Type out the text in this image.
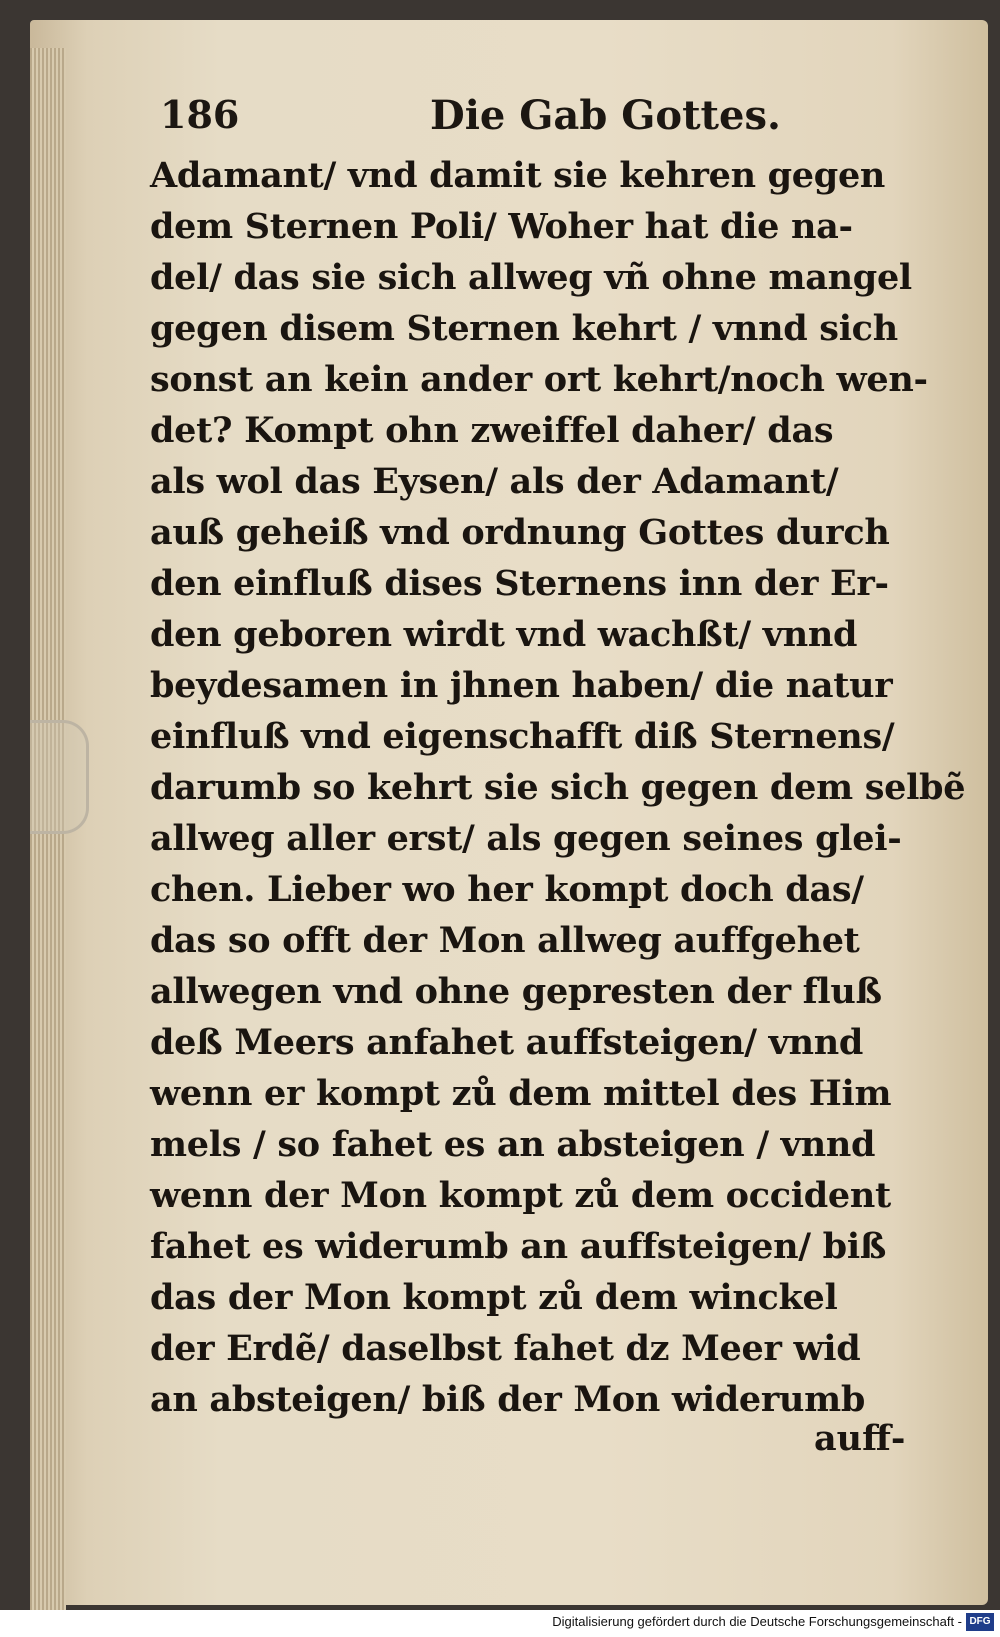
186	Die Gab Gottes.
Adamant/ vnd damit sie kehren gegen
dem Sternen Poli/ Woher hat die na-
del/ das sie sich allweg vñ ohne mangel
gegen disem Sternen kehrt / vnnd sich
sonst an kein ander ort kehrt/noch wen-
det? Kompt ohn zweiffel daher/ das
als wol das Eysen/ als der Adamant/
auß geheiß vnd ordnung Gottes durch
den einfluß dises Sternens inn der Er-
den geboren wirdt vnd wachßt/ vnnd
beydesamen in jhnen haben/ die natur
einfluß vnd eigenschafft diß Sternens/
darumb so kehrt sie sich gegen dem selbẽ
allweg aller erst/ als gegen seines glei-
chen. Lieber wo her kompt doch das/
das so offt der Mon allweg auffgehet
allwegen vnd ohne gepresten der fluß
deß Meers anfahet auffsteigen/ vnnd
wenn er kompt zů dem mittel des Him
mels / so fahet es an absteigen / vnnd
wenn der Mon kompt zů dem occident
fahet es widerumb an auffsteigen/ biß
das der Mon kompt zů dem winckel
der Erdẽ/ daselbst fahet dz Meer wid
an absteigen/ biß der Mon widerumb
auff-
Digitalisierung gefördert durch die Deutsche Forschungsgemeinschaft - DFG
